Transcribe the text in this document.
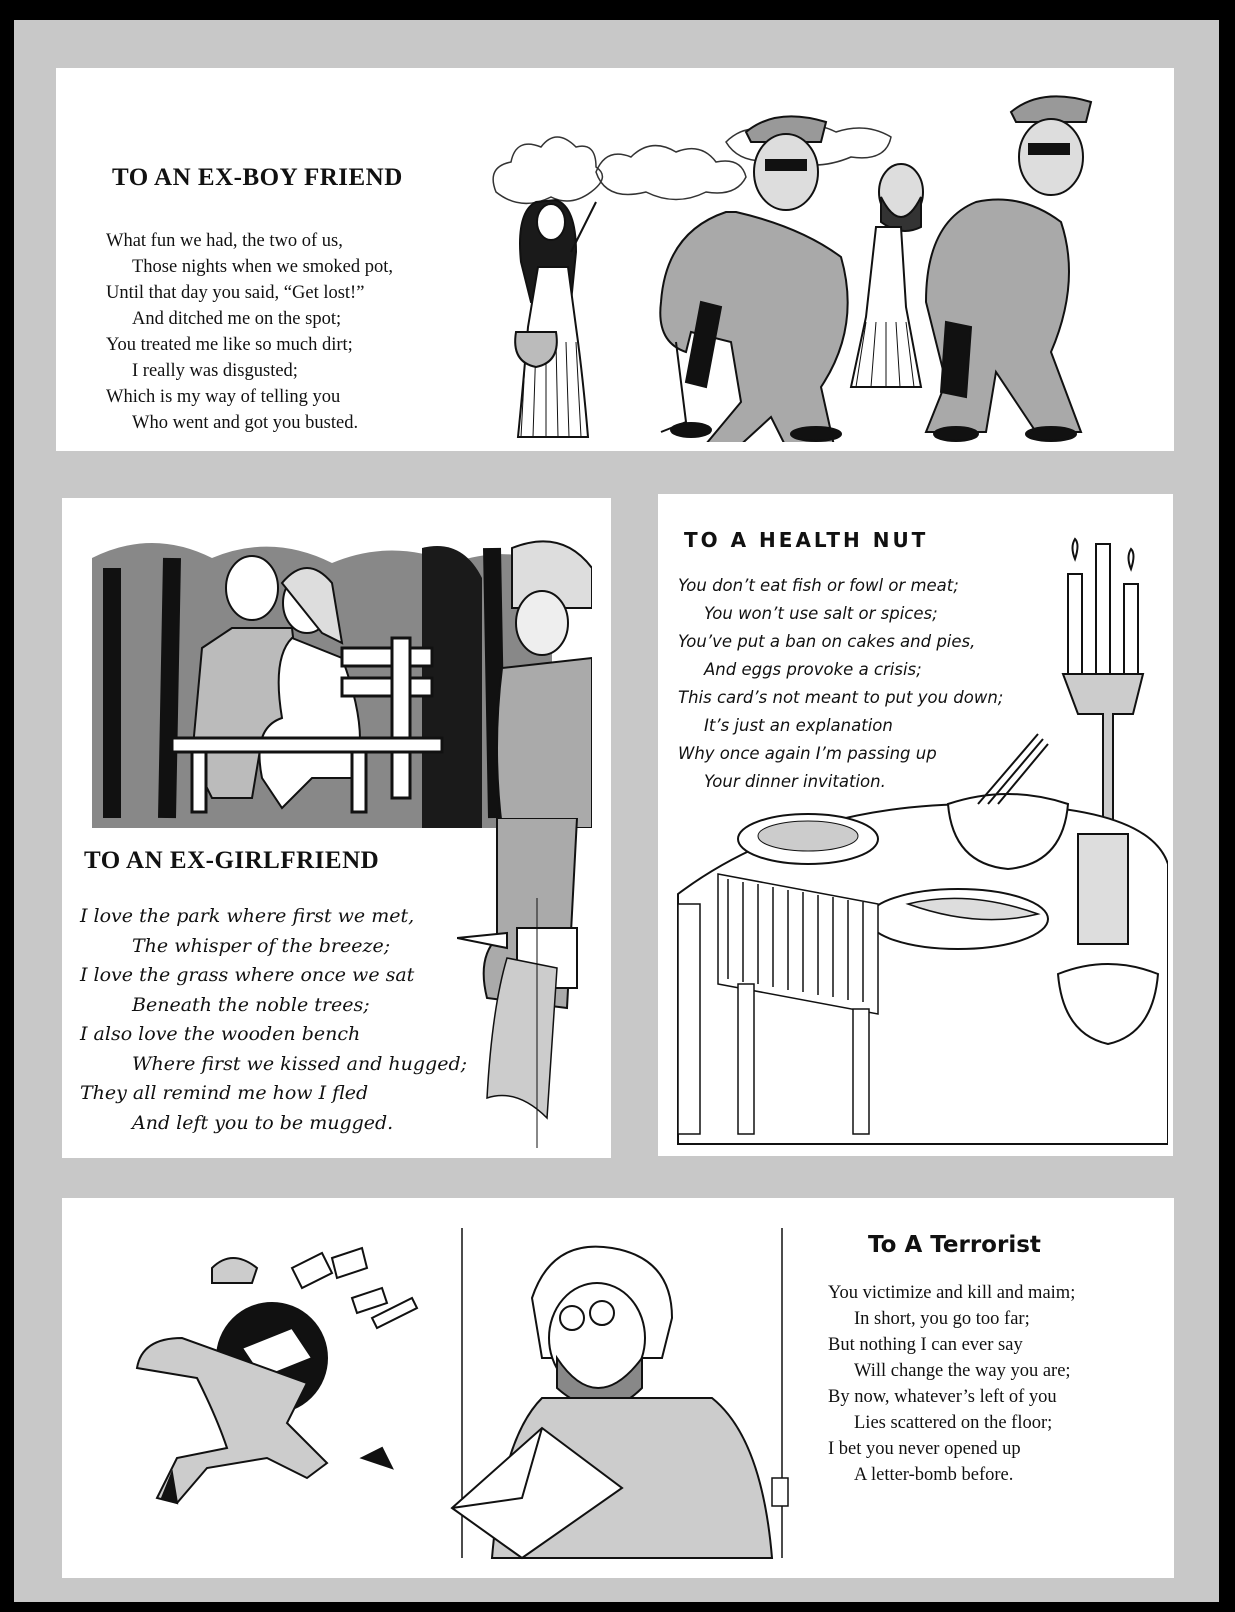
TO AN EX-BOY FRIEND
What fun we had, the two of us,
Those nights when we smoked pot,
Until that day you said, “Get lost!”
And ditched me on the spot;
You treated me like so much dirt;
I really was disgusted;
Which is my way of telling you
Who went and got you busted.
TO AN EX-GIRLFRIEND
I love the park where first we met,
The whisper of the breeze;
I love the grass where once we sat
Beneath the noble trees;
I also love the wooden bench
Where first we kissed and hugged;
They all remind me how I fled
And left you to be mugged.
TO A HEALTH NUT
You don’t eat fish or fowl or meat;
You won’t use salt or spices;
You’ve put a ban on cakes and pies,
And eggs provoke a crisis;
This card’s not meant to put you down;
It’s just an explanation
Why once again I’m passing up
Your dinner invitation.
To A Terrorist
You victimize and kill and maim;
In short, you go too far;
But nothing I can ever say
Will change the way you are;
By now, whatever’s left of you
Lies scattered on the floor;
I bet you never opened up
A letter-bomb before.
